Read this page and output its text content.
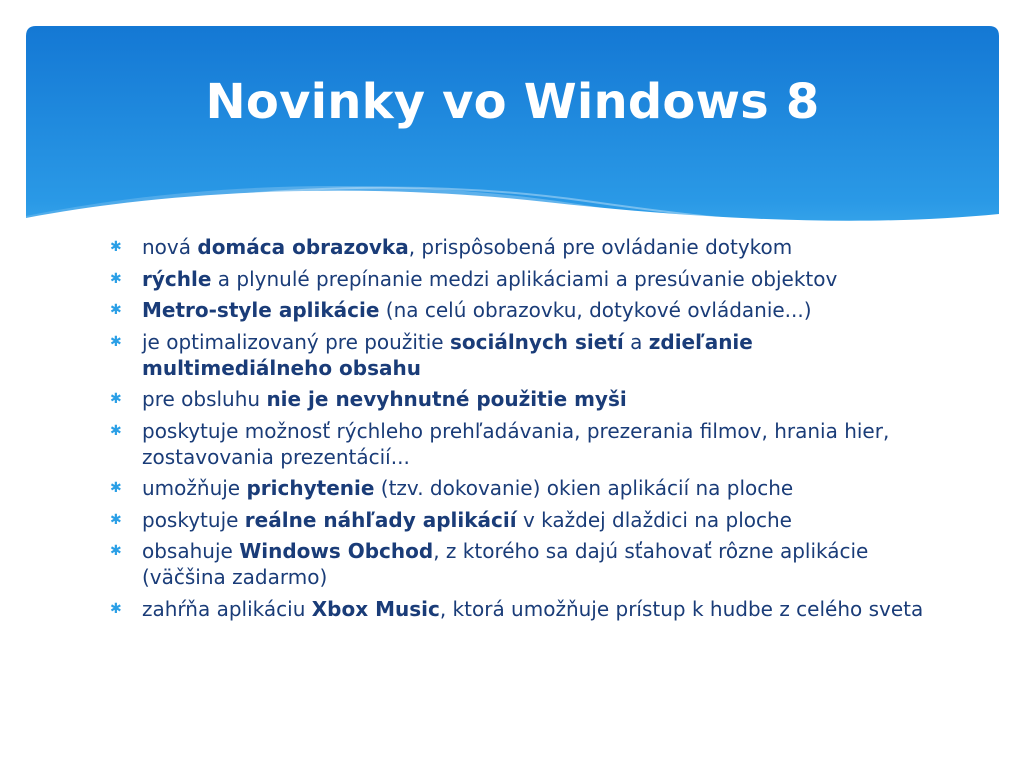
Novinky vo Windows 8
✱ nová domáca obrazovka, prispôsobená pre ovládanie dotykom
✱ rýchle a plynulé prepínanie medzi aplikáciami a presúvanie objektov
✱ Metro-style aplikácie (na celú obrazovku, dotykové ovládanie...)
✱ je optimalizovaný pre použitie sociálnych sietí a zdieľanie multimediálneho obsahu
✱ pre obsluhu nie je nevyhnutné použitie myši
✱ poskytuje možnosť rýchleho prehľadávania, prezerania filmov, hrania hier, zostavovania prezentácií...
✱ umožňuje prichytenie (tzv. dokovanie) okien aplikácií na ploche
✱ poskytuje reálne náhľady aplikácií v každej dlaždici na ploche
✱ obsahuje Windows Obchod, z ktorého sa dajú sťahovať rôzne aplikácie (väčšina zadarmo)
✱ zahŕňa aplikáciu Xbox Music, ktorá umožňuje prístup k hudbe z celého sveta
